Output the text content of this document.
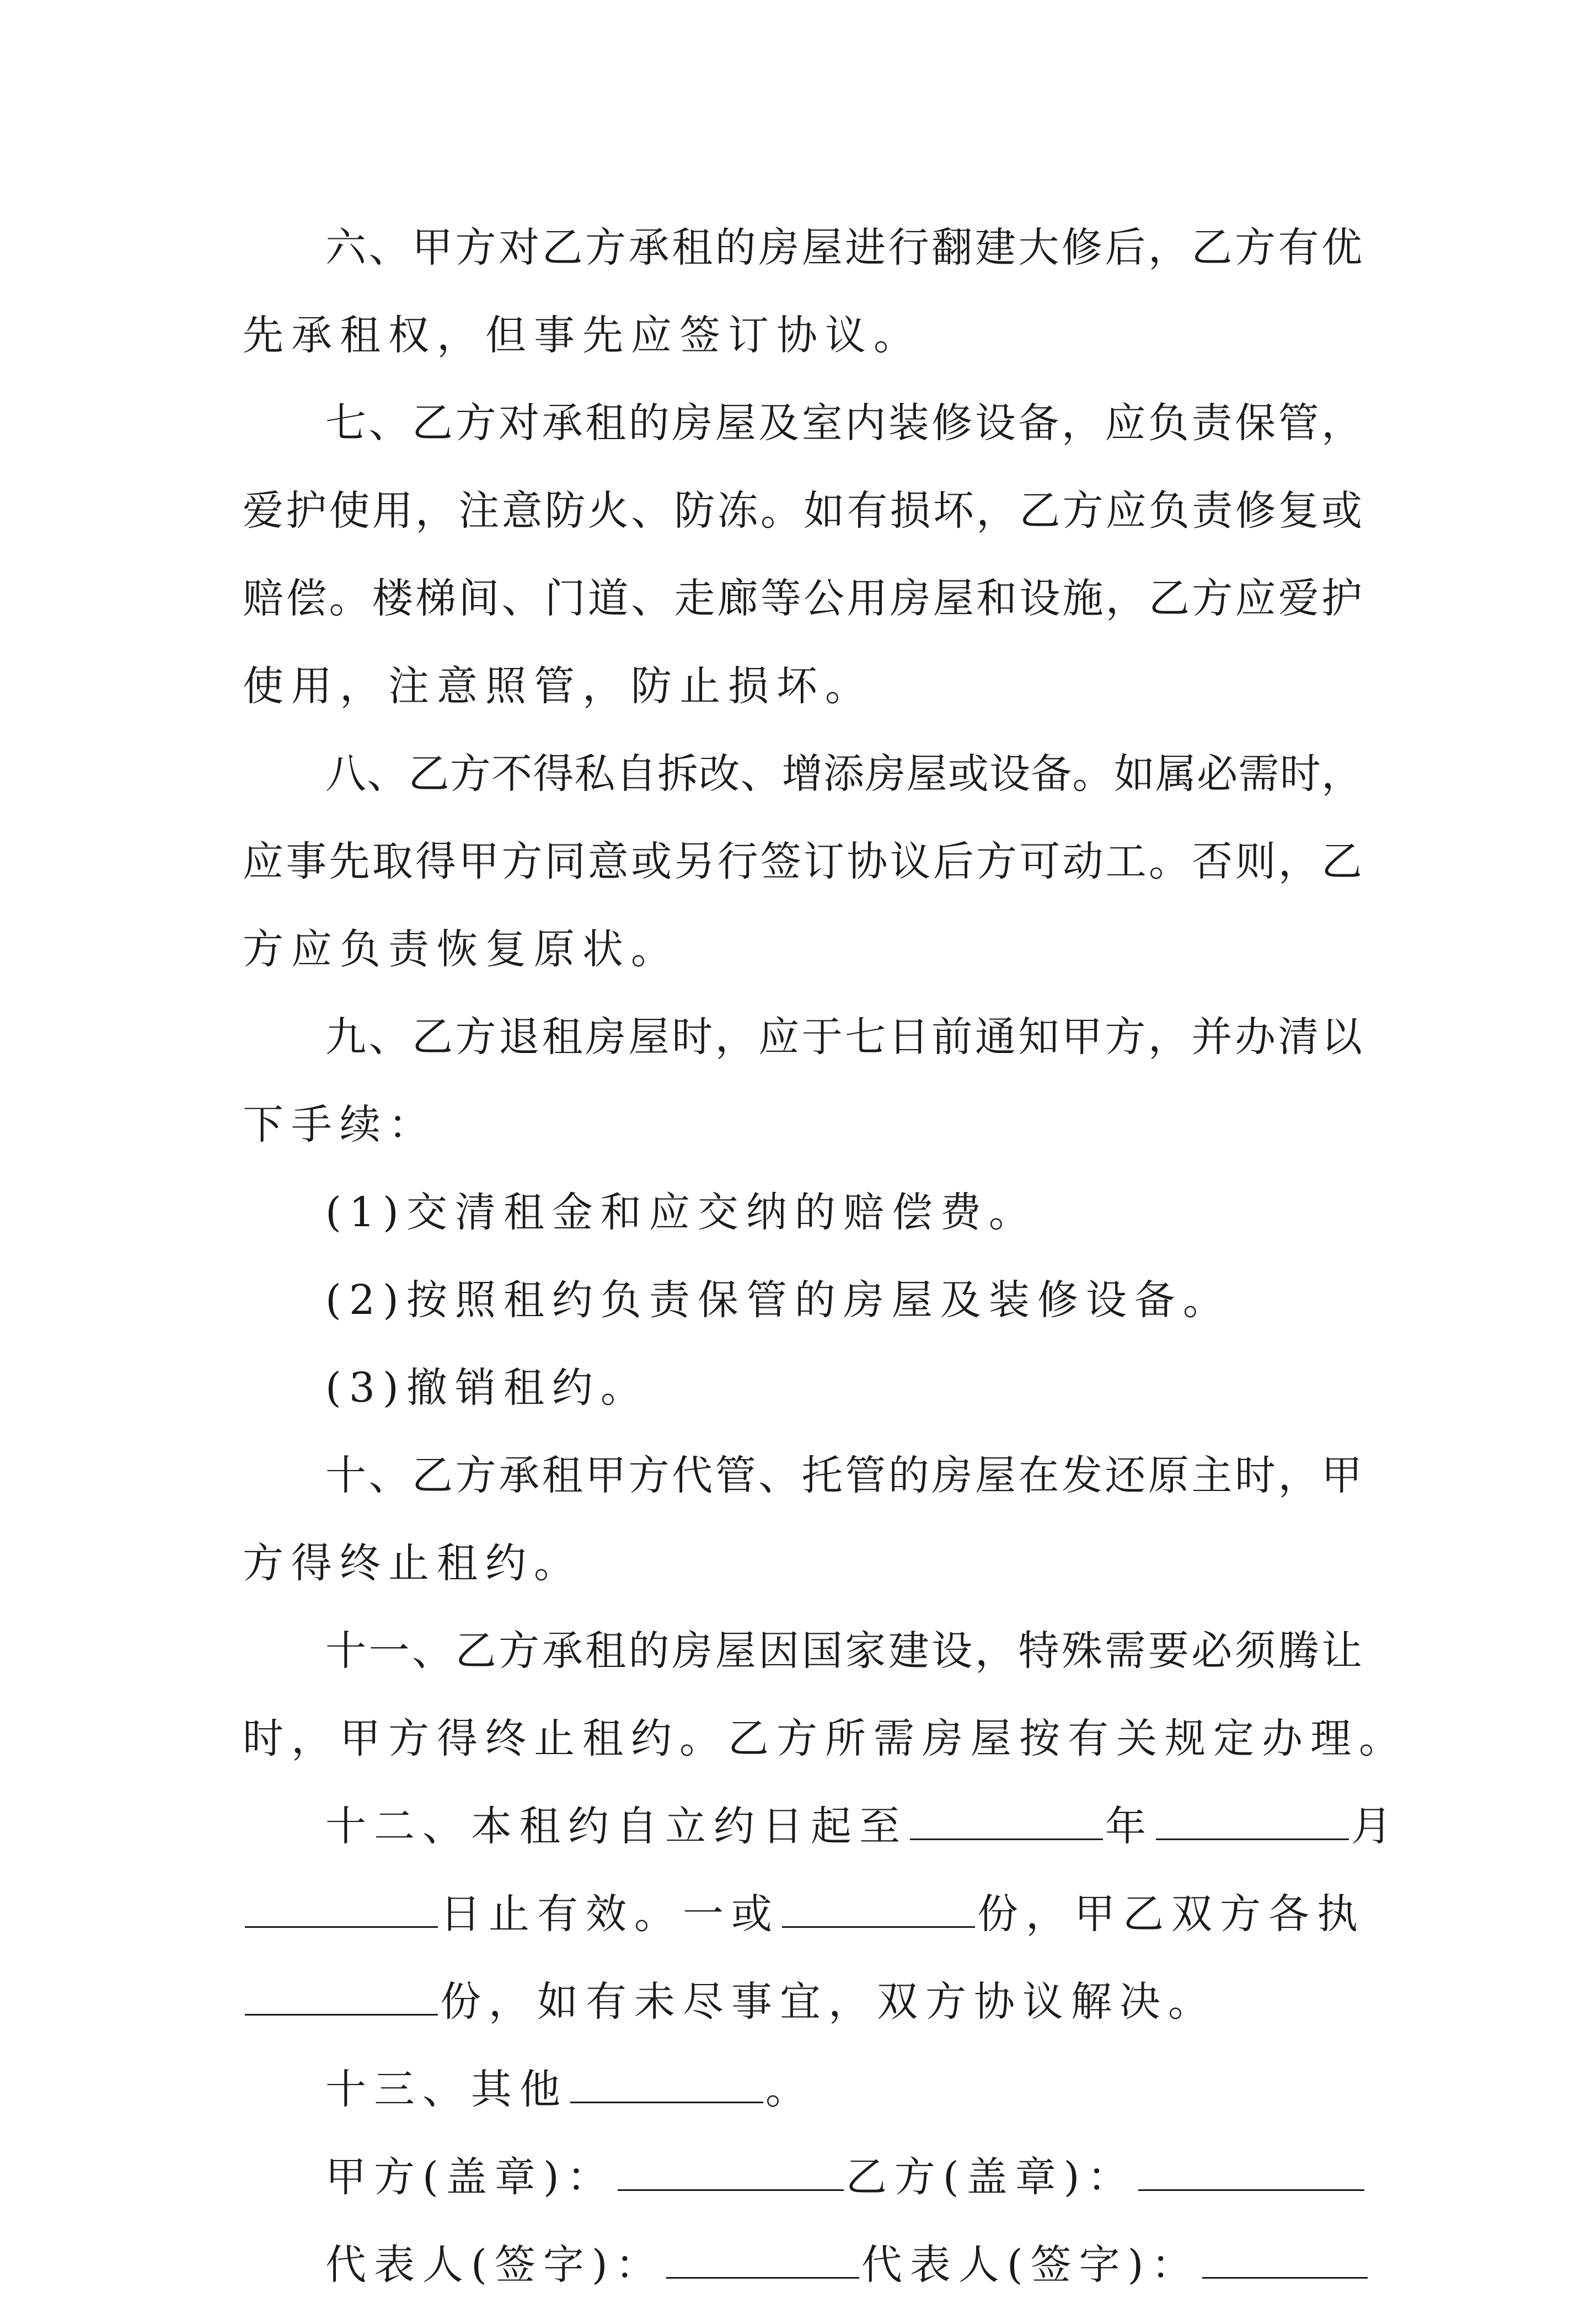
六、甲方对乙方承租的房屋进行翻建大修后，乙方有优
先承租权，但事先应签订协议。
七、乙方对承租的房屋及室内装修设备，应负责保管，
爱护使用，注意防火、防冻。如有损坏，乙方应负责修复或
赔偿。楼梯间、门道、走廊等公用房屋和设施，乙方应爱护
使用，注意照管，防止损坏。
八、乙方不得私自拆改、增添房屋或设备。如属必需时，
应事先取得甲方同意或另行签订协议后方可动工。否则，乙
方应负责恢复原状。
九、乙方退租房屋时，应于七日前通知甲方，并办清以
下手续：
(1)交清租金和应交纳的赔偿费。
(2)按照租约负责保管的房屋及装修设备。
(3)撤销租约。
十、乙方承租甲方代管、托管的房屋在发还原主时，甲
方得终止租约。
十一、乙方承租的房屋因国家建设，特殊需要必须腾让
时，甲方得终止租约。乙方所需房屋按有关规定办理。
十二、本租约自立约日起至	年	月
日止有效。一或	份，甲乙双方各执
份，如有未尽事宜，双方协议解决。
十三、其他	。
甲方(盖章)：	乙方(盖章)：
代表人(签字)：	代表人(签字)：
